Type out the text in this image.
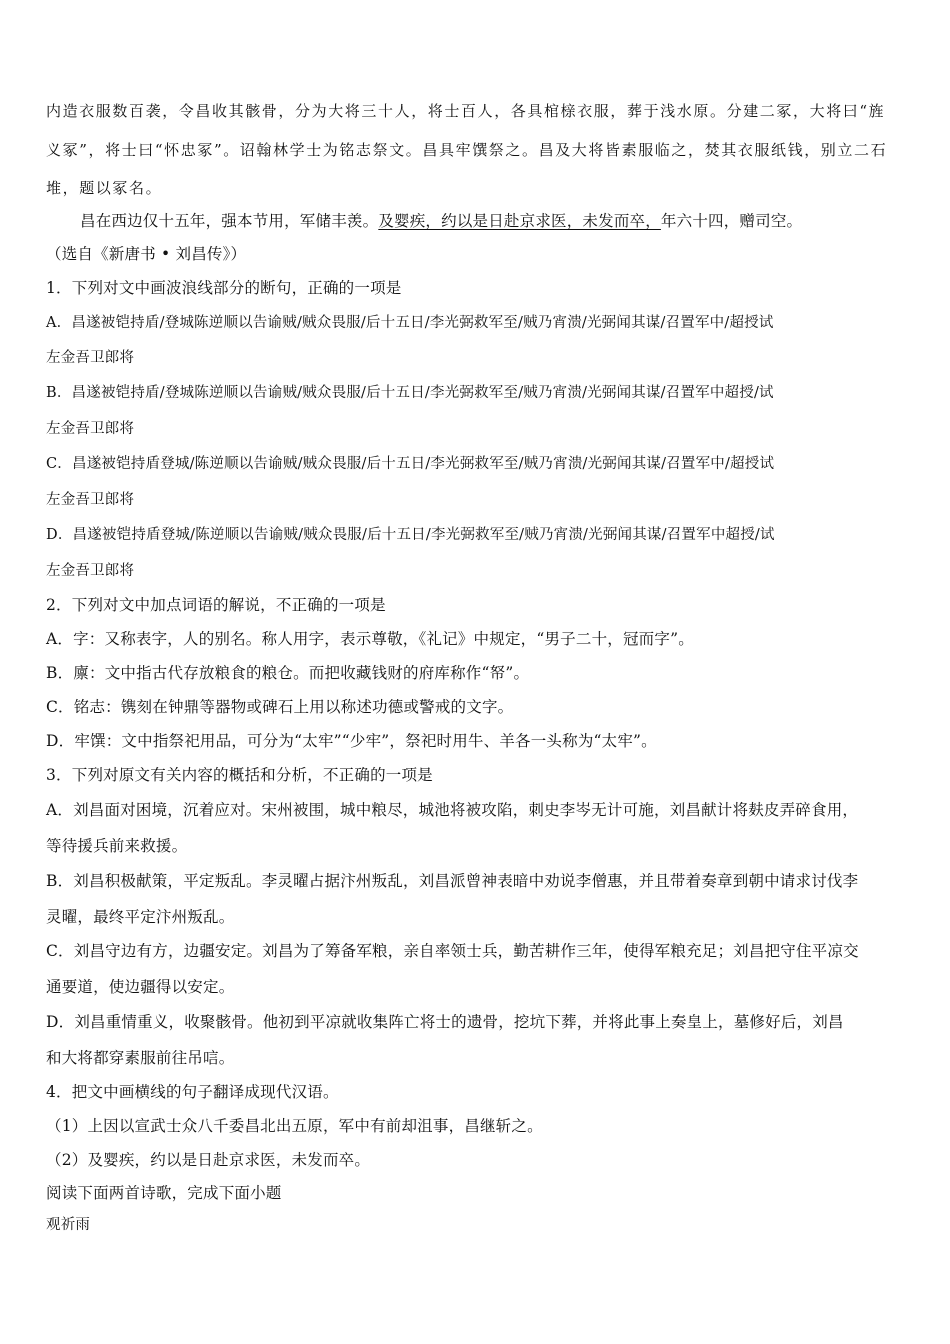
内造衣服数百袭，令昌收其骸骨，分为大将三十人，将士百人，各具棺榇衣服，葬于浅水原。分建二冢，大将曰“旌
义冢”，将士曰“怀忠冢”。诏翰林学士为铭志祭文。昌具牢馔祭之。昌及大将皆素服临之，焚其衣服纸钱，别立二石
堆，题以冢名。
昌在西边仅十五年，强本节用，军储丰羡。及婴疾，约以是日赴京求医，未发而卒，年六十四，赠司空。
（选自《新唐书 • 刘昌传》）
1．下列对文中画波浪线部分的断句，正确的一项是
A．昌遂被铠持盾/登城陈逆顺以告谕贼/贼众畏服/后十五日/李光弼救军至/贼乃宵溃/光弼闻其谋/召置军中/超授试
左金吾卫郎将
B．昌遂被铠持盾/登城陈逆顺以告谕贼/贼众畏服/后十五日/李光弼救军至/贼乃宵溃/光弼闻其谋/召置军中超授/试
左金吾卫郎将
C．昌遂被铠持盾登城/陈逆顺以告谕贼/贼众畏服/后十五日/李光弼救军至/贼乃宵溃/光弼闻其谋/召置军中/超授试
左金吾卫郎将
D．昌遂被铠持盾登城/陈逆顺以告谕贼/贼众畏服/后十五日/李光弼救军至/贼乃宵溃/光弼闻其谋/召置军中超授/试
左金吾卫郎将
2．下列对文中加点词语的解说，不正确的一项是
A．字：又称表字，人的别名。称人用字，表示尊敬，《礼记》中规定，“男子二十，冠而字”。
B．廪：文中指古代存放粮食的粮仓。而把收藏钱财的府库称作“帑”。
C．铭志：镌刻在钟鼎等器物或碑石上用以称述功德或警戒的文字。
D．牢馔：文中指祭祀用品，可分为“太牢”“少牢”，祭祀时用牛、羊各一头称为“太牢”。
3．下列对原文有关内容的概括和分析，不正确的一项是
A．刘昌面对困境，沉着应对。宋州被围，城中粮尽，城池将被攻陷，刺史李岑无计可施，刘昌献计将麸皮弄碎食用，
等待援兵前来救援。
B．刘昌积极献策，平定叛乱。李灵曜占据汴州叛乱，刘昌派曾神表暗中劝说李僧惠，并且带着奏章到朝中请求讨伐李
灵曜，最终平定汴州叛乱。
C．刘昌守边有方，边疆安定。刘昌为了筹备军粮，亲自率领士兵，勤苦耕作三年，使得军粮充足；刘昌把守住平凉交
通要道，使边疆得以安定。
D．刘昌重情重义，收聚骸骨。他初到平凉就收集阵亡将士的遗骨，挖坑下葬，并将此事上奏皇上，墓修好后，刘昌
和大将都穿素服前往吊唁。
4．把文中画横线的句子翻译成现代汉语。
（1）上因以宣武士众八千委昌北出五原，军中有前却沮事，昌继斩之。
（2）及婴疾，约以是日赴京求医，未发而卒。
阅读下面两首诗歌，完成下面小题
观祈雨
